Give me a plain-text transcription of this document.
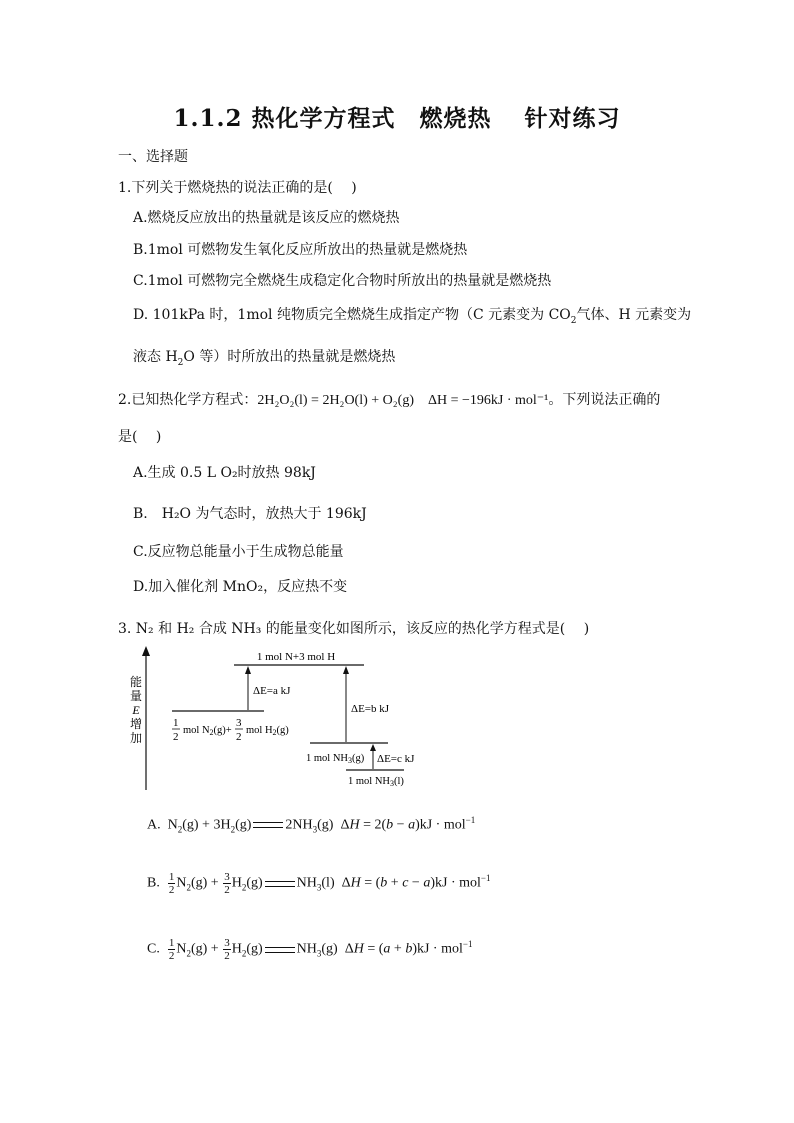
1.1.2 热化学方程式　燃烧热　 针对练习
一、选择题
1.下列关于燃烧热的说法正确的是(　 )
A.燃烧反应放出的热量就是该反应的燃烧热
B.1mol 可燃物发生氧化反应所放出的热量就是燃烧热
C.1mol 可燃物完全燃烧生成稳定化合物时所放出的热量就是燃烧热
D. 101kPa 时，1mol 纯物质完全燃烧生成指定产物（C 元素变为 $CO_2$气体、H 元素变为
液态 $H_2O$ 等）时所放出的热量就是燃烧热
2.已知热化学方程式：2H₂O₂(l) = 2H₂O(l) + O₂(g)　ΔH = −196kJ · mol⁻¹。下列说法正确的
是(　 )
A.生成 0.5 L O₂时放热 98kJ
B.　H₂O 为气态时，放热大于 196kJ
C.反应物总能量小于生成物总能量
D.加入催化剂 MnO₂，反应热不变
3. N₂ 和 H₂ 合成 NH₃ 的能量变化如图所示，该反应的热化学方程式是(　 )
能
量
E
增
加
1 mol N+3 mol H
1
2
mol N2(g)+
3
2
mol H2(g)
ΔE=a kJ
ΔE=b kJ
1 mol NH3(g) ΔE=c kJ
1 mol NH3(l)
A.  $N_2(g) + 3H_2(g)$ $2NH_3(g) \Delta H = 2(b - a)kJ \cdot mol^{-1}$
B. $\frac{1}{2} N_2(g) + \frac{3}{2} H_2(g)$ $NH_3(l) \Delta H = (b + c - a)kJ \cdot mol^{-1}$
C. $\frac{1}{2} N_2(g) + \frac{3}{2} H_2(g)$ $NH_3(g) \Delta H = (a + b)kJ \cdot mol^{-1}$
